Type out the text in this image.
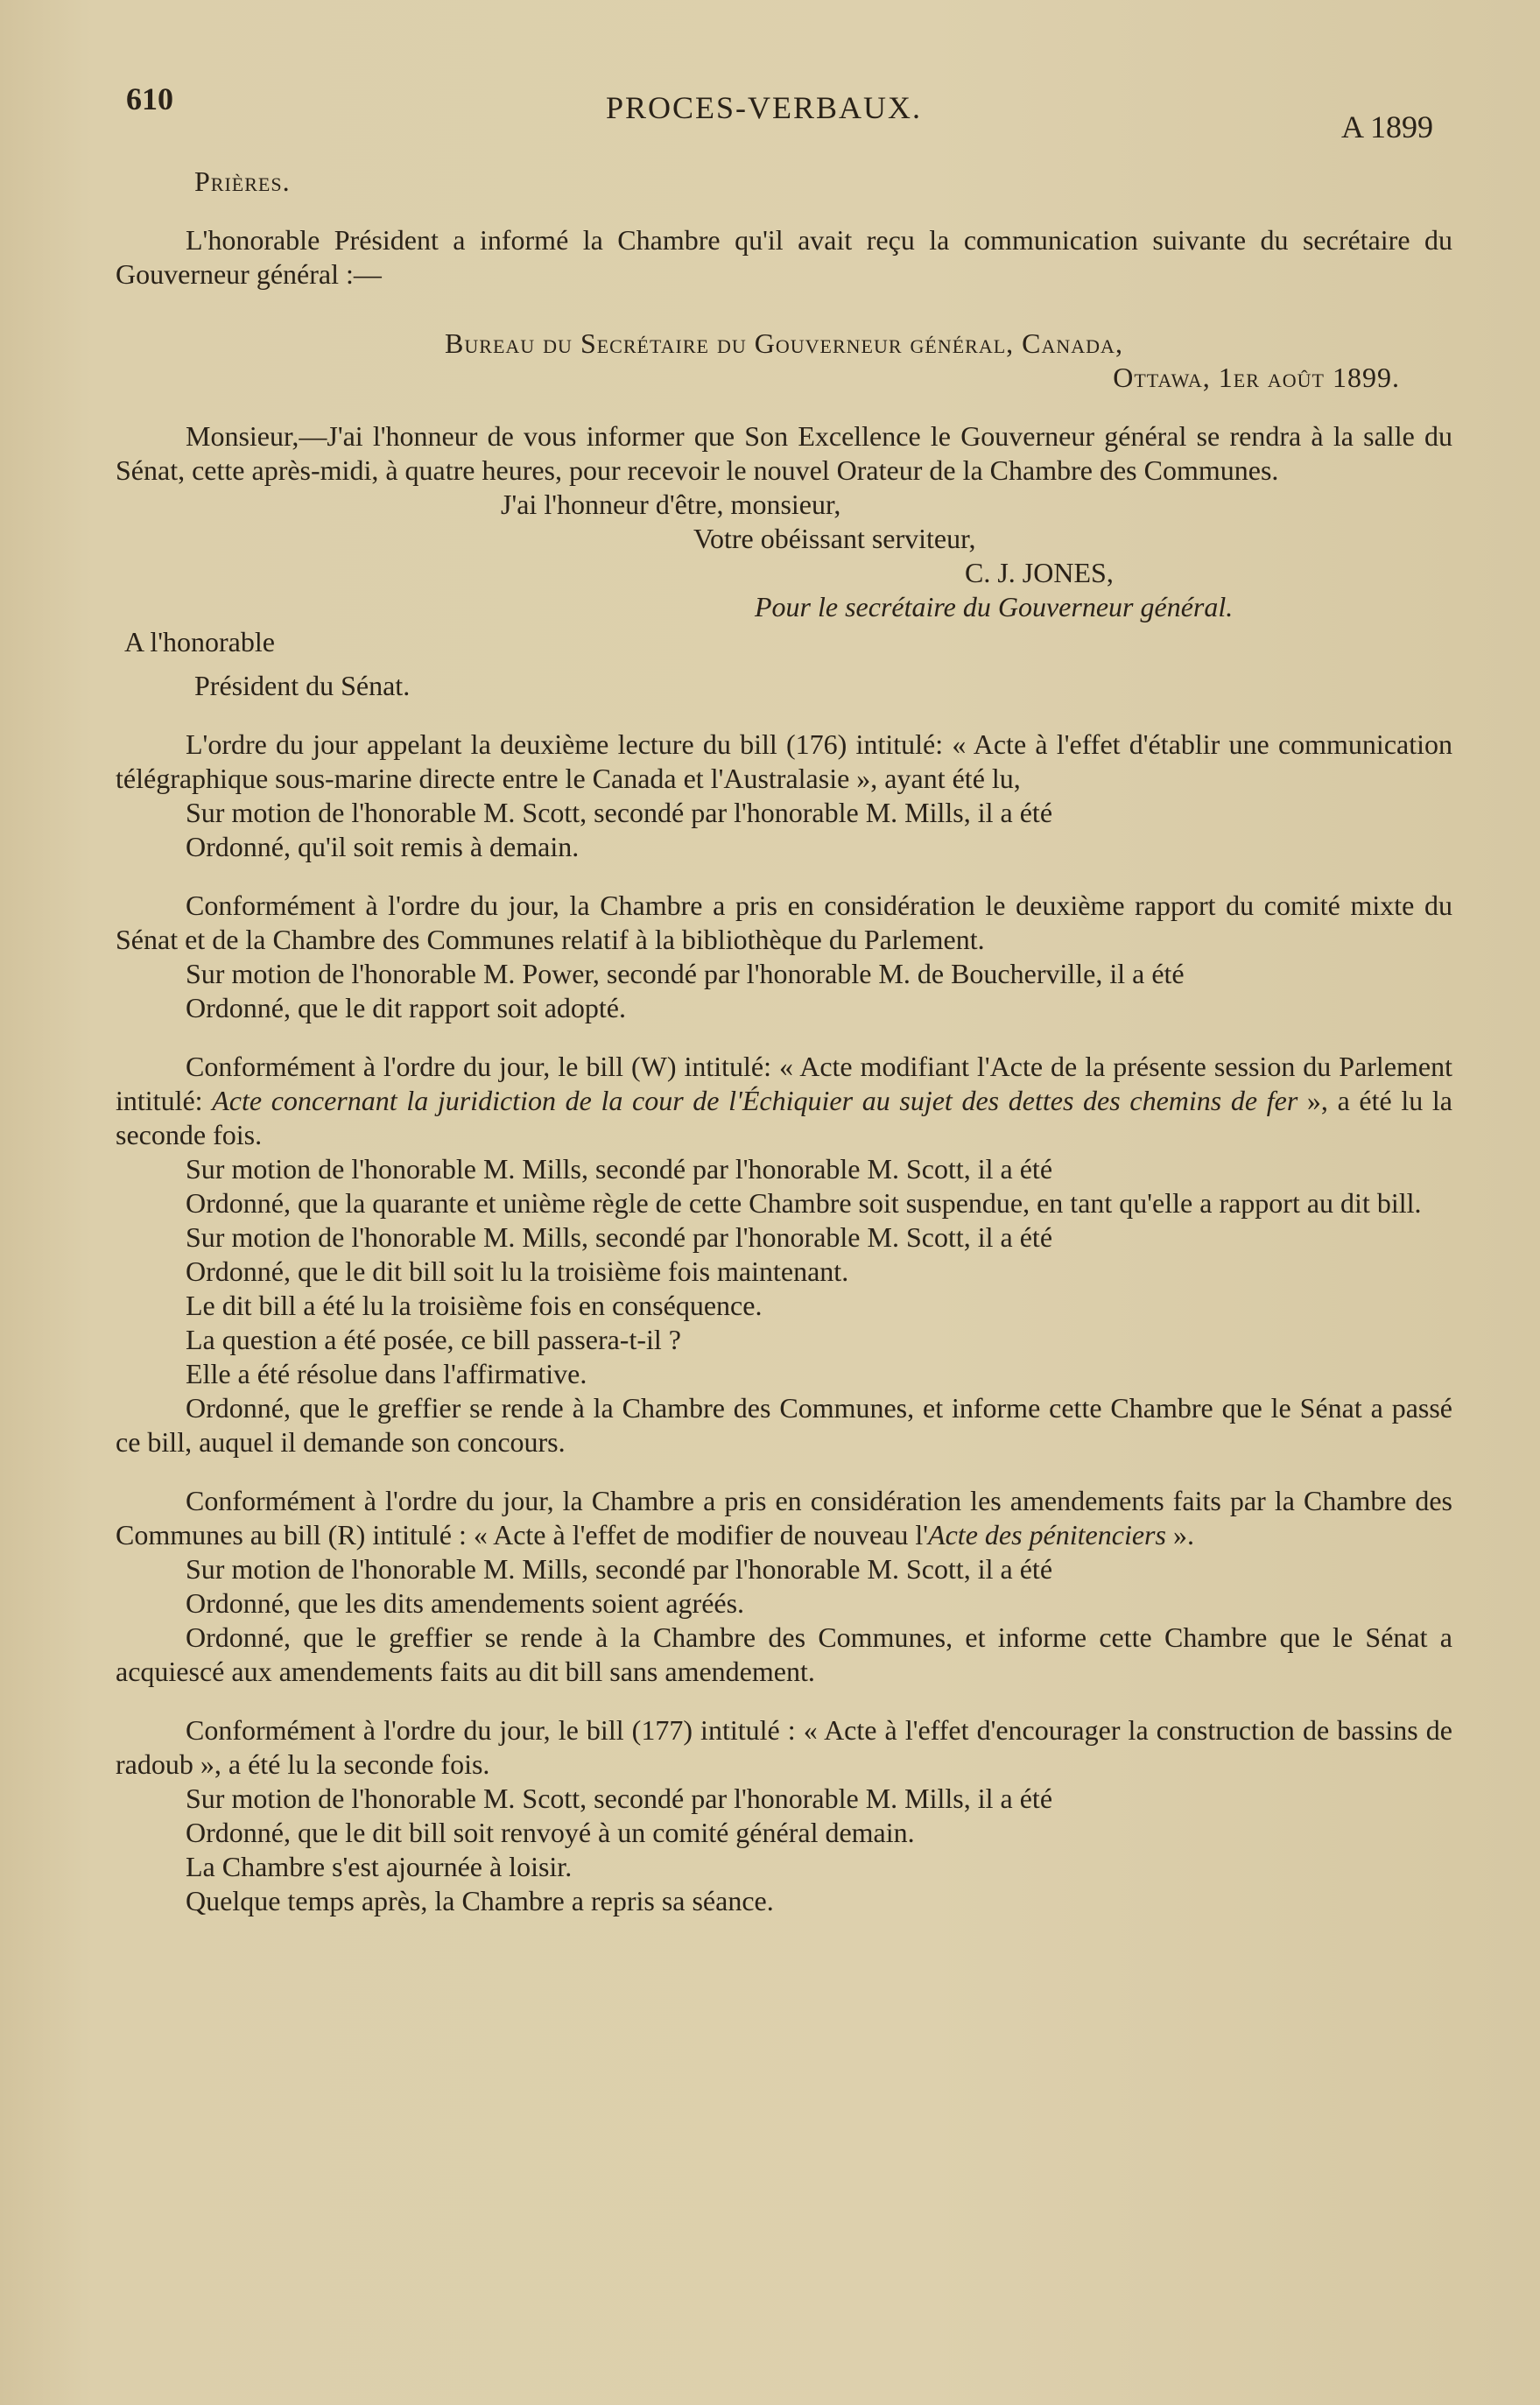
610	PROCES-VERBAUX.
A 1899

Prières.

L'honorable Président a informé la Chambre qu'il avait reçu la communication suivante du secrétaire du Gouverneur général :—

Bureau du Secrétaire du Gouverneur général, Canada,

Ottawa, 1er août 1899.

Monsieur,—J'ai l'honneur de vous informer que Son Excellence le Gouverneur général se rendra à la salle du Sénat, cette après-midi, à quatre heures, pour recevoir le nouvel Orateur de la Chambre des Communes.

J'ai l'honneur d'être, monsieur,

Votre obéissant serviteur,

C. J. JONES,

A l'honorable
Pour le secrétaire du Gouverneur général.

Président du Sénat.

L'ordre du jour appelant la deuxième lecture du bill (176) intitulé: « Acte à l'effet d'établir une communication télégraphique sous-marine directe entre le Canada et l'Australasie », ayant été lu,

Sur motion de l'honorable M. Scott, secondé par l'honorable M. Mills, il a été

Ordonné, qu'il soit remis à demain.

Conformément à l'ordre du jour, la Chambre a pris en considération le deuxième rapport du comité mixte du Sénat et de la Chambre des Communes relatif à la bibliothèque du Parlement.

Sur motion de l'honorable M. Power, secondé par l'honorable M. de Boucherville, il a été

Ordonné, que le dit rapport soit adopté.

Conformément à l'ordre du jour, le bill (W) intitulé: « Acte modifiant l'Acte de la présente session du Parlement intitulé: Acte concernant la juridiction de la cour de l'Échiquier au sujet des dettes des chemins de fer », a été lu la seconde fois.

Sur motion de l'honorable M. Mills, secondé par l'honorable M. Scott, il a été

Ordonné, que la quarante et unième règle de cette Chambre soit suspendue, en tant qu'elle a rapport au dit bill.

Sur motion de l'honorable M. Mills, secondé par l'honorable M. Scott, il a été

Ordonné, que le dit bill soit lu la troisième fois maintenant.

Le dit bill a été lu la troisième fois en conséquence.

La question a été posée, ce bill passera-t-il ?

Elle a été résolue dans l'affirmative.

Ordonné, que le greffier se rende à la Chambre des Communes, et informe cette Chambre que le Sénat a passé ce bill, auquel il demande son concours.

Conformément à l'ordre du jour, la Chambre a pris en considération les amendements faits par la Chambre des Communes au bill (R) intitulé : « Acte à l'effet de modifier de nouveau l'Acte des pénitenciers ».

Sur motion de l'honorable M. Mills, secondé par l'honorable M. Scott, il a été

Ordonné, que les dits amendements soient agréés.

Ordonné, que le greffier se rende à la Chambre des Communes, et informe cette Chambre que le Sénat a acquiescé aux amendements faits au dit bill sans amendement.

Conformément à l'ordre du jour, le bill (177) intitulé : « Acte à l'effet d'encourager la construction de bassins de radoub », a été lu la seconde fois.

Sur motion de l'honorable M. Scott, secondé par l'honorable M. Mills, il a été

Ordonné, que le dit bill soit renvoyé à un comité général demain.

La Chambre s'est ajournée à loisir.

Quelque temps après, la Chambre a repris sa séance.
